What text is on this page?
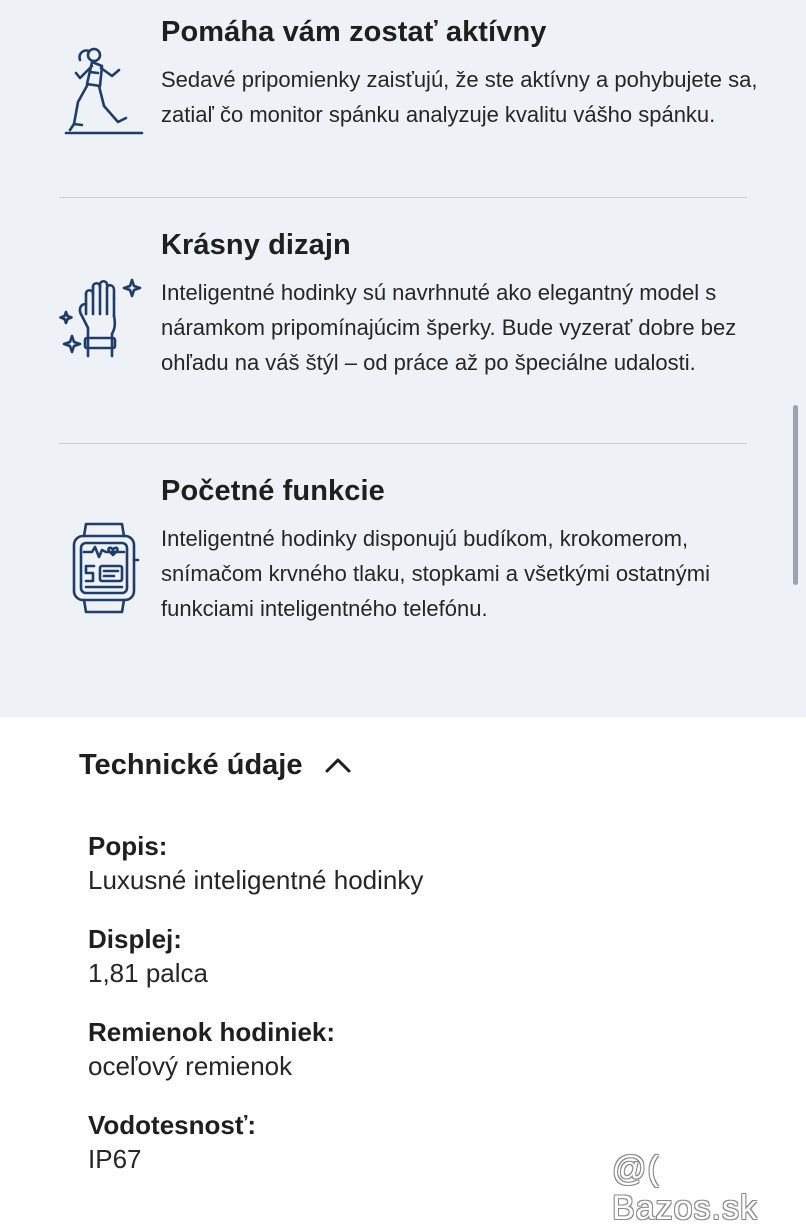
Pomáha vám zostať aktívny
Sedavé pripomienky zaisťujú, že ste aktívny a pohybujete sa, zatiaľ čo monitor spánku analyzuje kvalitu vášho spánku.
Krásny dizajn
Inteligentné hodinky sú navrhnuté ako elegantný model s náramkom pripomínajúcim šperky. Bude vyzerať dobre bez ohľadu na váš štýl – od práce až po špeciálne udalosti.
Početné funkcie
Inteligentné hodinky disponujú budíkom, krokomerom, snímačom krvného tlaku, stopkami a všetkými ostatnými funkciami inteligentného telefónu.
Technické údaje
Popis:
Luxusné inteligentné hodinky
Displej:
1,81 palca
Remienok hodiniek:
oceľový remienok
Vodotesnosť:
IP67	@( Bazos.sk
